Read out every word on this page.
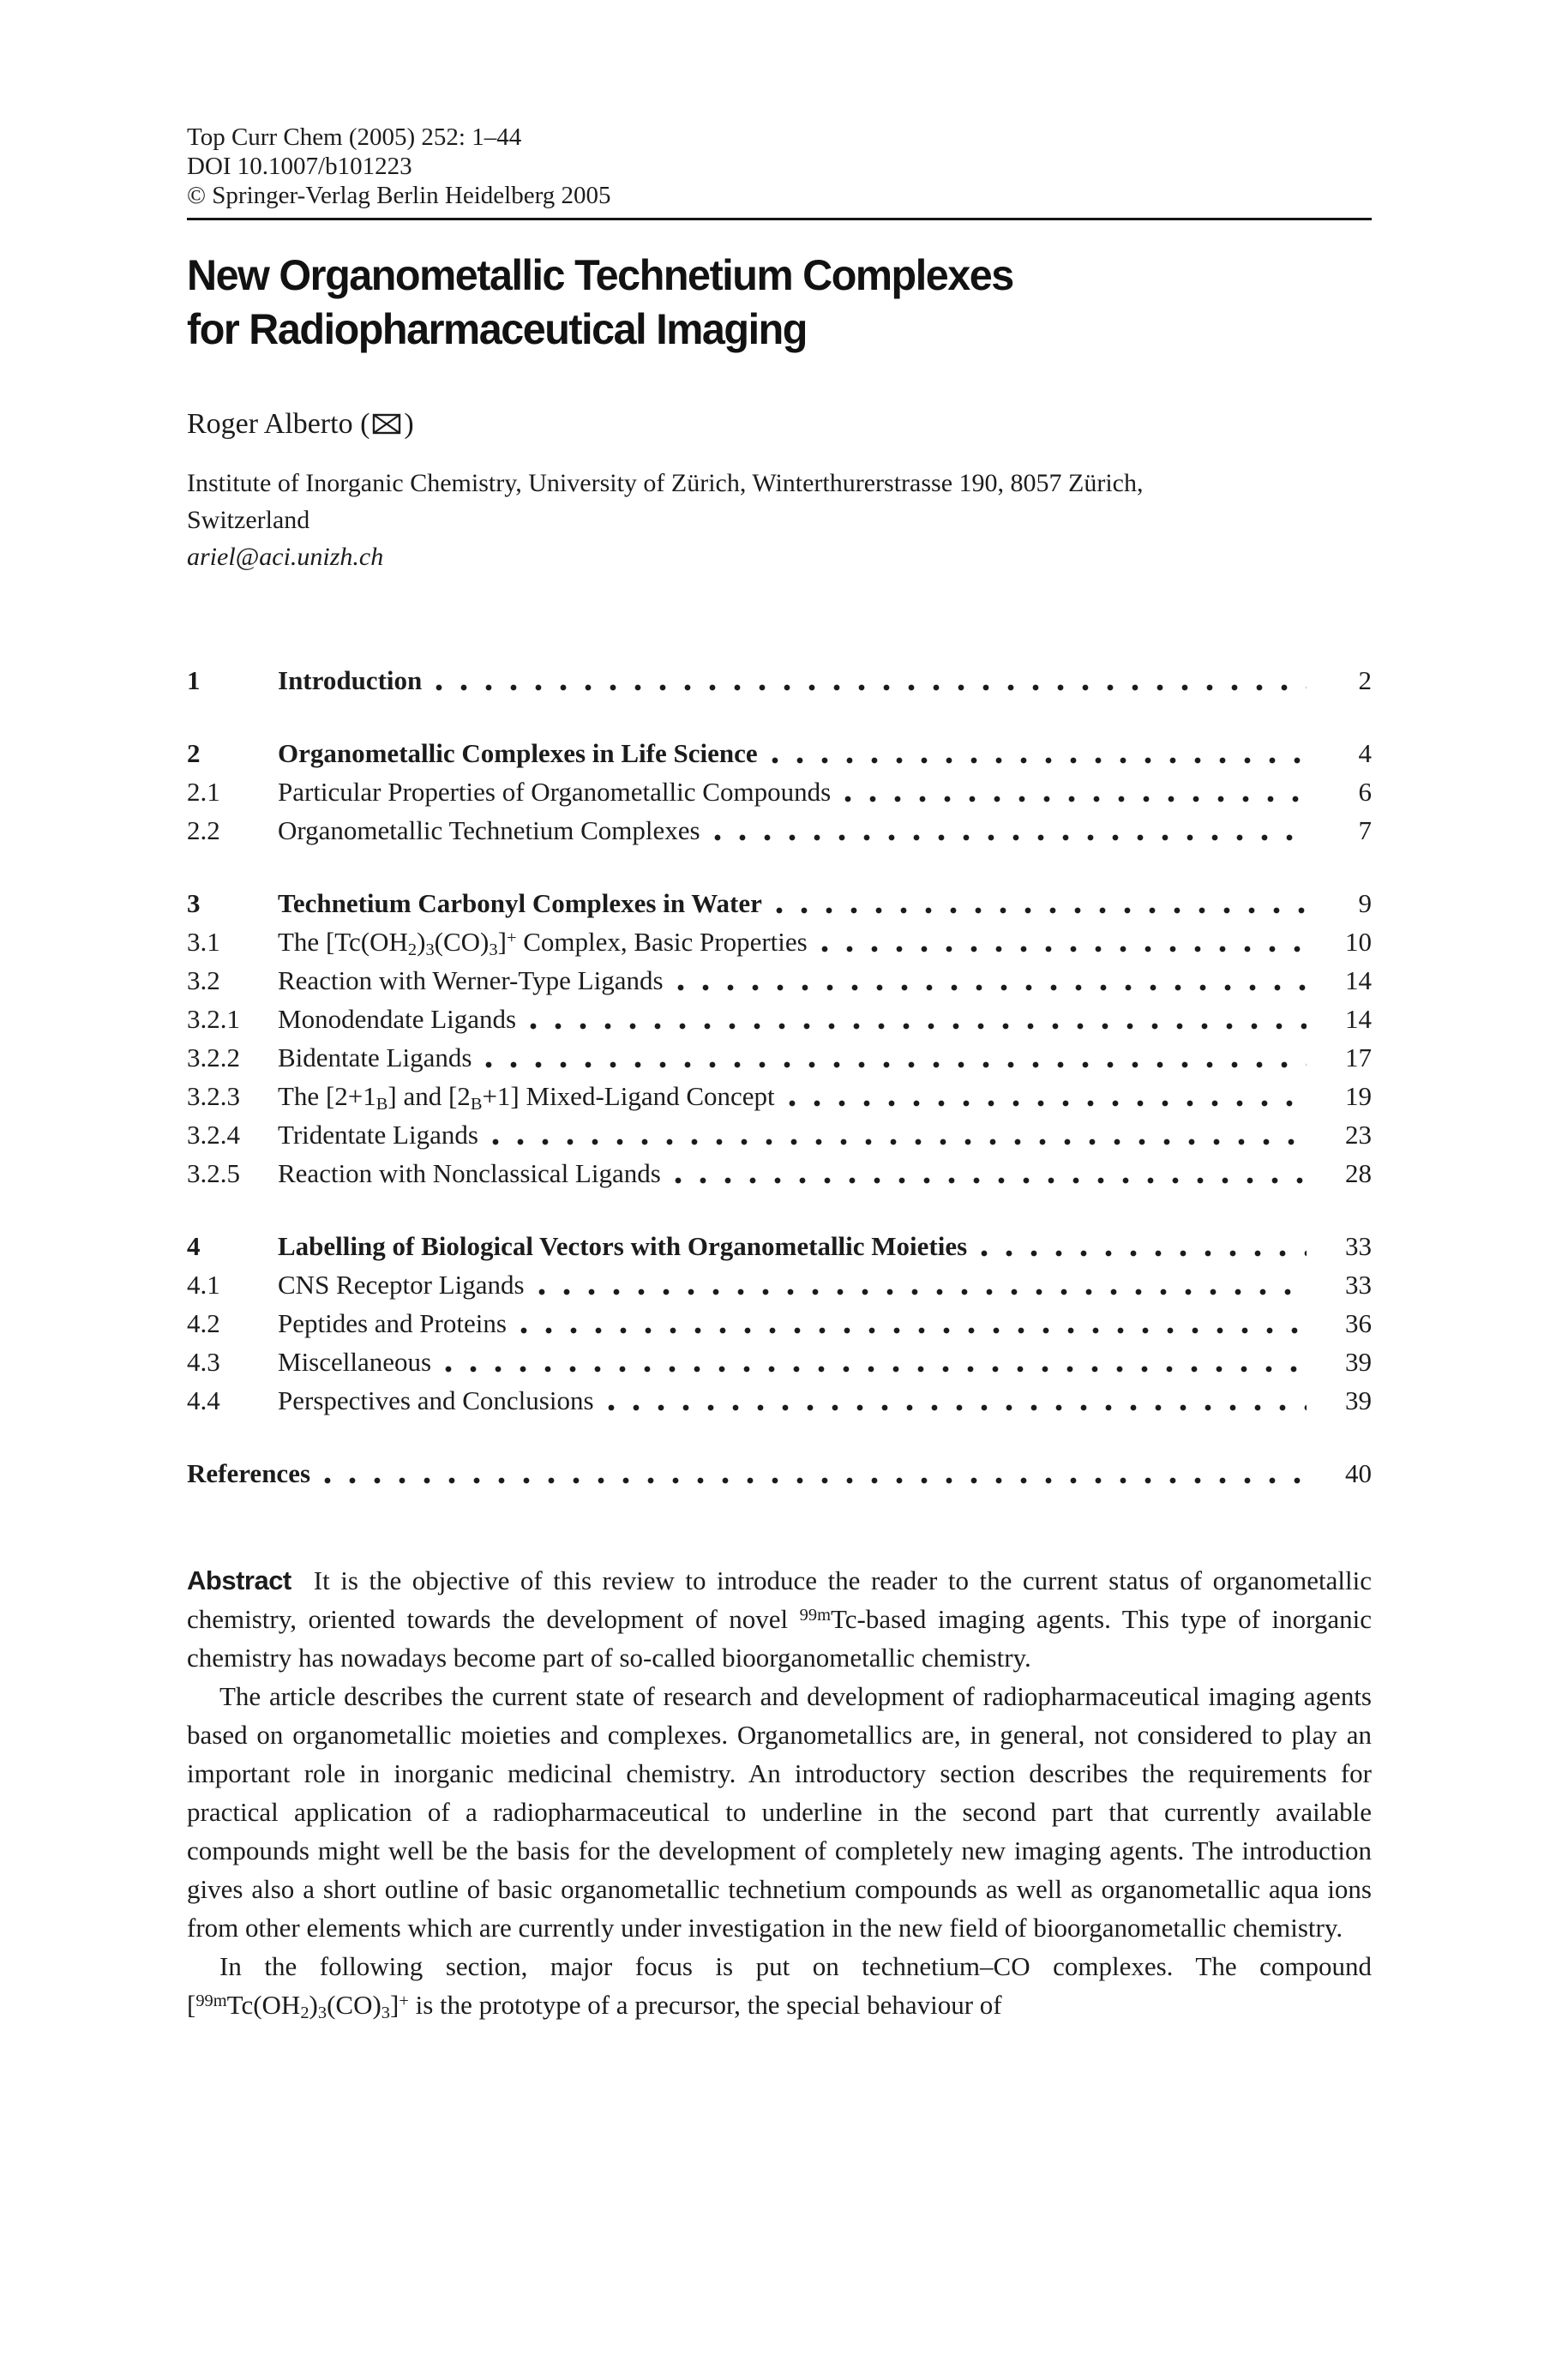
Top Curr Chem (2005) 252: 1–44

DOI 10.1007/b101223

© Springer-Verlag Berlin Heidelberg 2005

New Organometallic Technetium Complexes
for Radiopharmaceutical Imaging
Roger Alberto ( )

Institute of Inorganic Chemistry, University of Zürich, Winterthurerstrasse 190, 8057 Zürich,

Switzerland

ariel@aci.unizh.ch

1	Introduction	2
2	Organometallic Complexes in Life Science	4
2.1	Particular Properties of Organometallic Compounds	6
2.2	Organometallic Technetium Complexes	7
3	Technetium Carbonyl Complexes in Water	9
3.1	The [Tc(OH2)3(CO)3]+ Complex, Basic Properties	10
3.2	Reaction with Werner-Type Ligands	14
3.2.1	Monodendate Ligands	14
3.2.2	Bidentate Ligands	17
3.2.3	The [2+1B] and [2B+1] Mixed-Ligand Concept	19
3.2.4	Tridentate Ligands	23
3.2.5	Reaction with Nonclassical Ligands	28
4	Labelling of Biological Vectors with Organometallic Moieties	33
4.1	CNS Receptor Ligands	33
4.2	Peptides and Proteins	36
4.3	Miscellaneous	39
4.4	Perspectives and Conclusions	39
References	40

Abstract It is the objective of this review to introduce the reader to the current status of organometallic chemistry, oriented towards the development of novel $^{99m}$Tc-based imaging agents. This type of inorganic chemistry has nowadays become part of so-called bioorganometallic chemistry.

The article describes the current state of research and development of radiopharmaceutical imaging agents based on organometallic moieties and complexes. Organometallics are, in general, not considered to play an important role in inorganic medicinal chemistry. An introductory section describes the requirements for practical application of a radiopharmaceutical to underline in the second part that currently available compounds might well be the basis for the development of completely new imaging agents. The introduction gives also a short outline of basic organometallic technetium compounds as well as organometallic aqua ions from other elements which are currently under investigation in the new field of bioorganometallic chemistry.

In the following section, major focus is put on technetium–CO complexes. The compound [$^{99m}$Tc(OH2)3(CO)3]+ is the prototype of a precursor, the special behaviour of
